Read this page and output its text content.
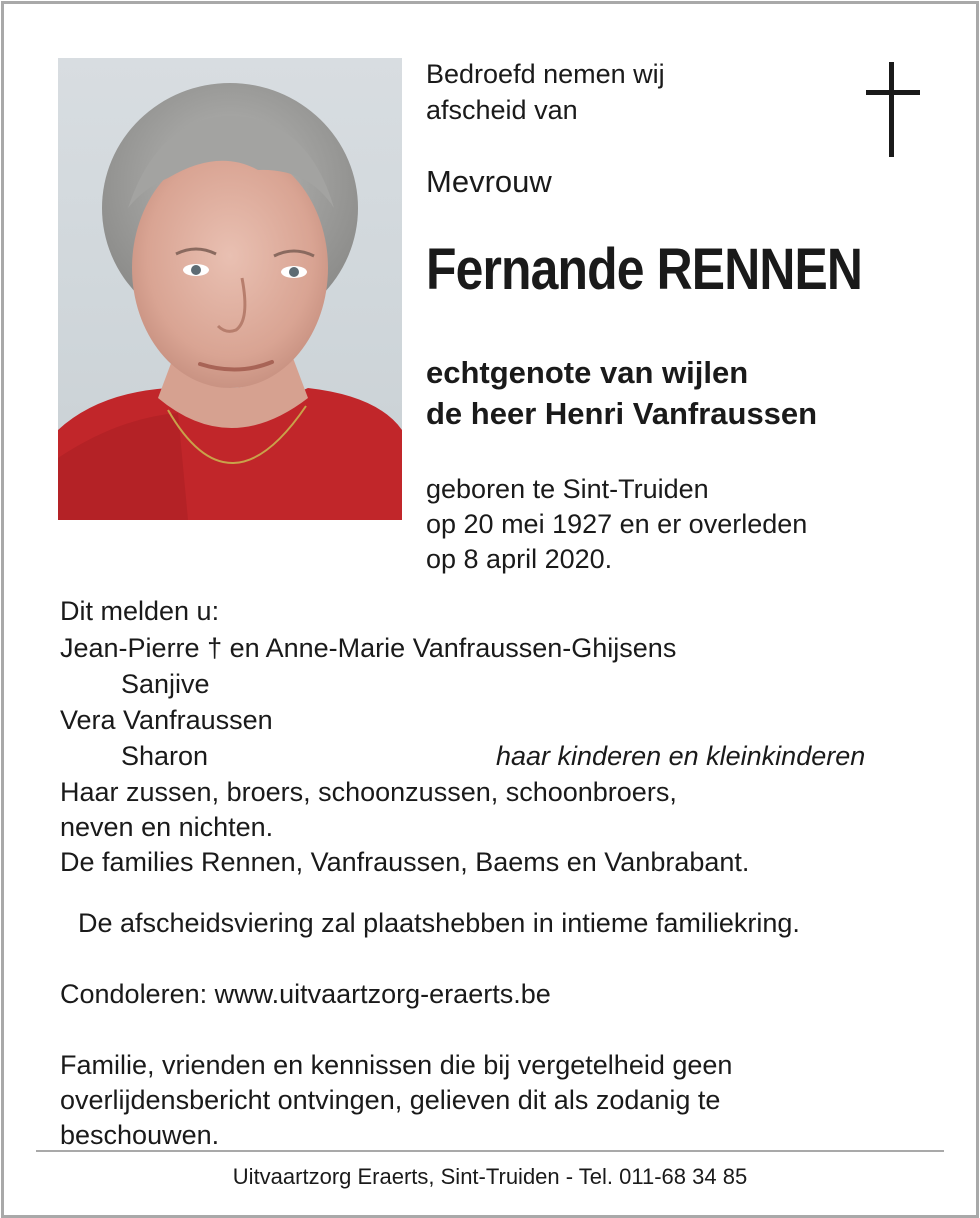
Bedroefd nemen wij
afscheid van
Mevrouw
Fernande RENNEN
echtgenote van wijlen
de heer Henri Vanfraussen
geboren te Sint-Truiden
op 20 mei 1927 en er overleden
op 8 april 2020.
Dit melden u:
Jean-Pierre † en Anne-Marie Vanfraussen-Ghijsens
Sanjive
Vera Vanfraussen
Sharon	haar kinderen en kleinkinderen
Haar zussen, broers, schoonzussen, schoonbroers,
neven en nichten.
De families Rennen, Vanfraussen, Baems en Vanbrabant.
De afscheidsviering zal plaatshebben in intieme familiekring.
Condoleren: www.uitvaartzorg-eraerts.be
Familie, vrienden en kennissen die bij vergetelheid geen
overlijdensbericht ontvingen, gelieven dit als zodanig te
beschouwen.
Uitvaartzorg Eraerts, Sint-Truiden - Tel. 011-68 34 85
